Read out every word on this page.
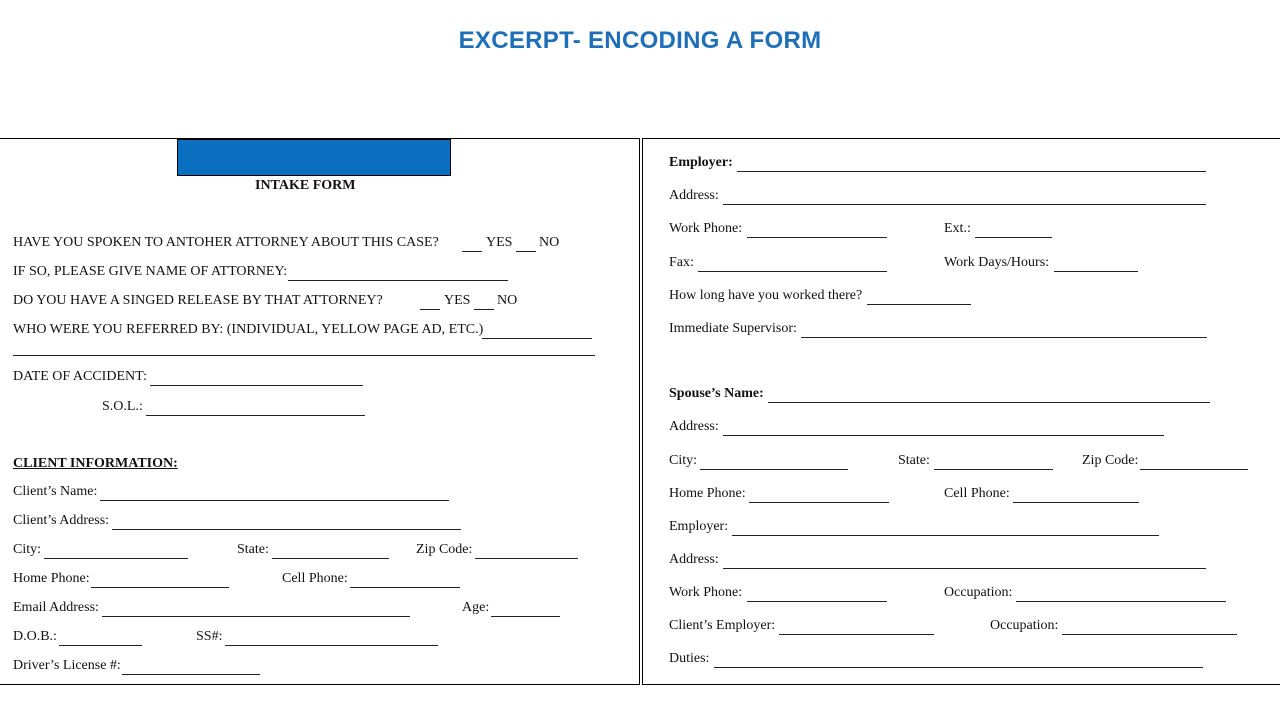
EXCERPT- ENCODING A FORM
INTAKE FORM
HAVE YOU SPOKEN TO ANTOHER ATTORNEY ABOUT THIS CASE?	YES NO
IF SO, PLEASE GIVE NAME OF ATTORNEY:
DO YOU HAVE A SINGED RELEASE BY THAT ATTORNEY?	YES NO
WHO WERE YOU REFERRED BY: (INDIVIDUAL, YELLOW PAGE AD, ETC.)
DATE OF ACCIDENT:
S.O.L.:
CLIENT INFORMATION:
Client’s Name:
Client’s Address:
City:	State:	Zip Code:
Home Phone:	Cell Phone:
Email Address:	Age:
D.O.B.:	SS#:
Driver’s License #:
Employer:
Address:
Work Phone:	Ext.:
Fax:	Work Days/Hours:
How long have you worked there?
Immediate Supervisor:
Spouse’s Name:
Address:
City:	State:	Zip Code:
Home Phone:	Cell Phone:
Employer:
Address:
Work Phone:	Occupation:
Client’s Employer:	Occupation:
Duties:
